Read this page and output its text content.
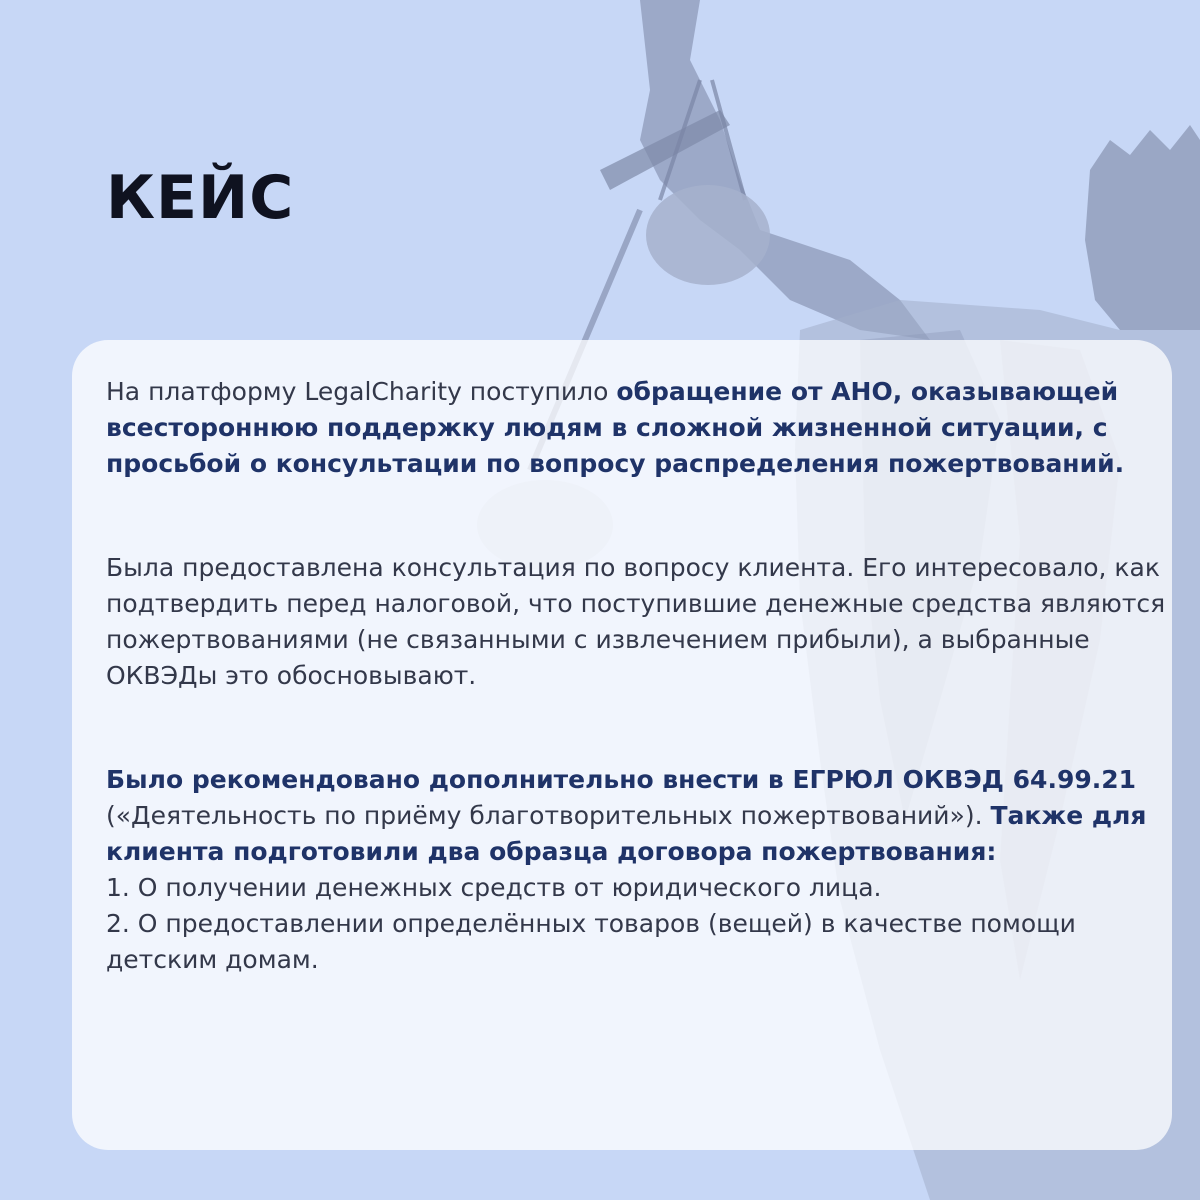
КЕЙС

На платформу LegalCharity поступило обращение от АНО, оказывающей всестороннюю поддержку людям в сложной жизненной ситуации, с просьбой о консультации по вопросу распределения пожертвований.

Была предоставлена консультация по вопросу клиента. Его интересовало, как подтвердить перед налоговой, что поступившие денежные средства являются пожертвованиями (не связанными с извлечением прибыли), а выбранные ОКВЭДы это обосновывают.

Было рекомендовано дополнительно внести в ЕГРЮЛ ОКВЭД 64.99.21 («Деятельность по приёму благотворительных пожертвований»). Также для клиента подготовили два образца договора пожертвования:
1. О получении денежных средств от юридического лица.
2. О предоставлении определённых товаров (вещей) в качестве помощи детским домам.
